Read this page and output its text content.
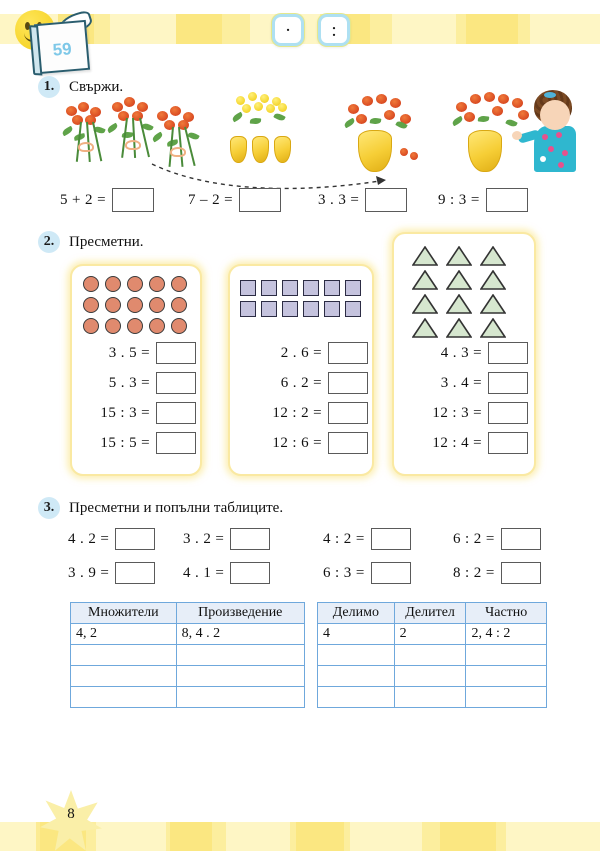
59
·	:
1. Свържи.
5 + 2 =	7 – 2 =	3 . 3 =	9 : 3 =
2. Пресметни.
3 . 5 =
5 . 3 =
15 : 3 =
15 : 5 =
2 . 6 =
6 . 2 =
12 : 2 =
12 : 6 =
4 . 3 =
3 . 4 =
12 : 3 =
12 : 4 =
3. Пресметни и попълни таблиците.
4 . 2 =	3 . 2 =	4 : 2 =	6 : 2 =
3 . 9 =	4 . 1 =	6 : 3 =	8 : 2 =
Множители	Произведение
4, 2	8, 4 . 2

Делимо	Делител	Частно
4	2	2, 4 : 2

8
